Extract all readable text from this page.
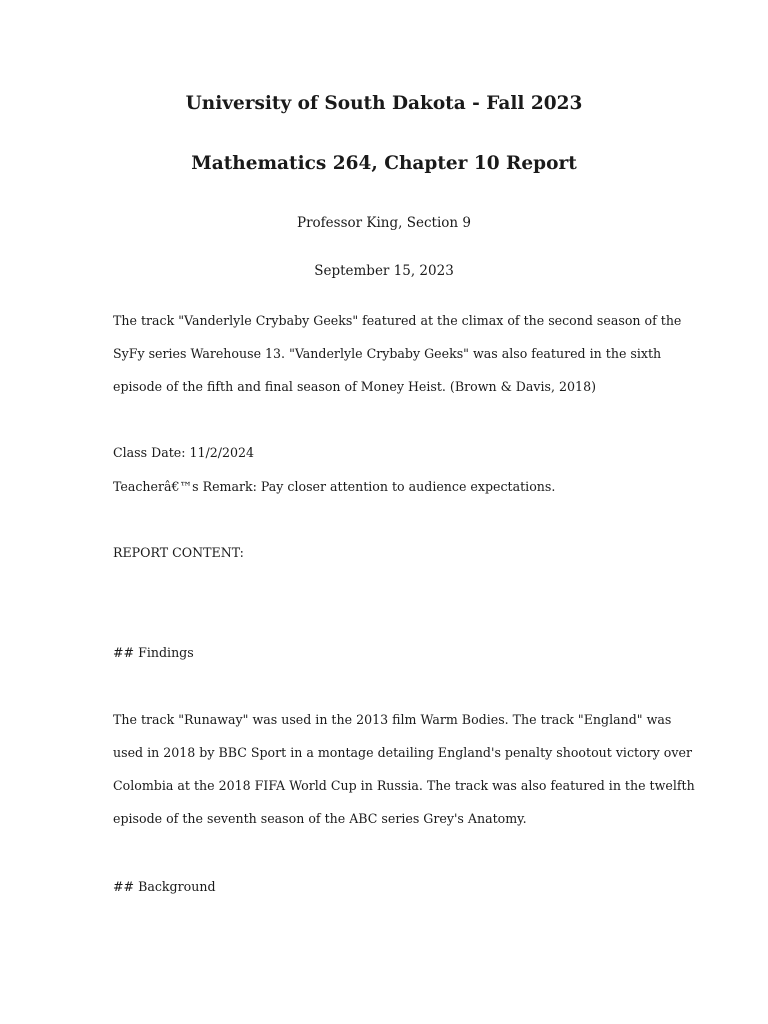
University of South Dakota - Fall 2023
Mathematics 264, Chapter 10 Report

Professor King, Section 9

September 15, 2023

The track "Vanderlyle Crybaby Geeks" featured at the climax of the second season of the
SyFy series Warehouse 13. "Vanderlyle Crybaby Geeks" was also featured in the sixth
episode of the fifth and final season of Money Heist. (Brown & Davis, 2018)

Class Date: 11/2/2024

Teacherâ€™s Remark: Pay closer attention to audience expectations.

REPORT CONTENT:

## Findings

The track "Runaway" was used in the 2013 film Warm Bodies. The track "England" was
used in 2018 by BBC Sport in a montage detailing England's penalty shootout victory over
Colombia at the 2018 FIFA World Cup in Russia. The track was also featured in the twelfth
episode of the seventh season of the ABC series Grey's Anatomy.

## Background
